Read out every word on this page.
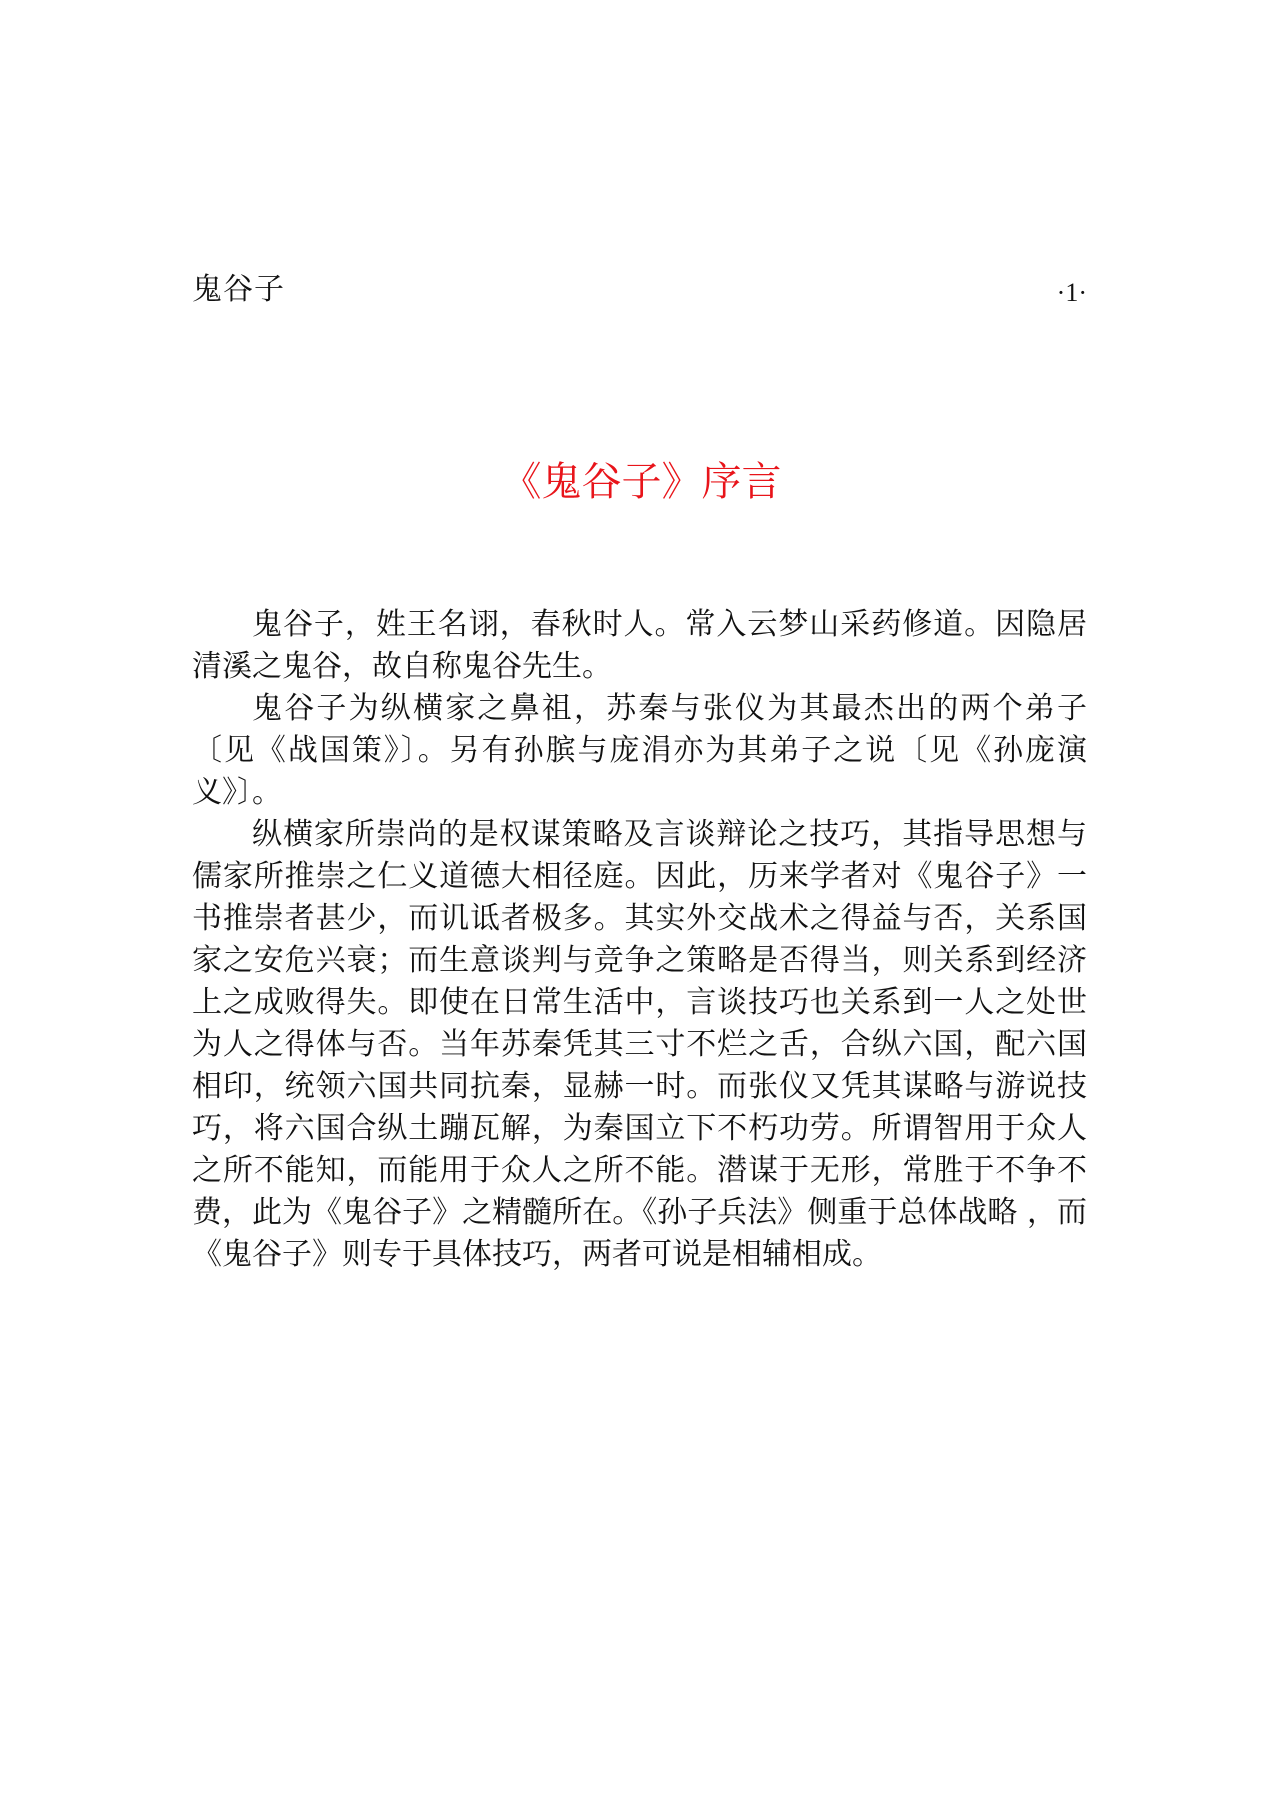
鬼谷子	·1·
《鬼谷子》序言

鬼谷子，姓王名诩，春秋时人。常入云梦山采药修道。因隐居清溪之鬼谷，故自称鬼谷先生。

鬼谷子为纵横家之鼻祖，苏秦与张仪为其最杰出的两个弟子〔见《战国策》〕。另有孙膑与庞涓亦为其弟子之说〔见《孙庞演义》〕。

纵横家所崇尚的是权谋策略及言谈辩论之技巧，其指导思想与儒家所推崇之仁义道德大相径庭。因此，历来学者对《鬼谷子》一书推崇者甚少，而讥诋者极多。其实外交战术之得益与否，关系国家之安危兴衰；而生意谈判与竞争之策略是否得当，则关系到经济上之成败得失。即使在日常生活中，言谈技巧也关系到一人之处世为人之得体与否。当年苏秦凭其三寸不烂之舌，合纵六国，配六国相印，统领六国共同抗秦，显赫一时。而张仪又凭其谋略与游说技巧，将六国合纵土蹦瓦解，为秦国立下不朽功劳。所谓智用于众人之所不能知，而能用于众人之所不能。潜谋于无形，常胜于不争不费，此为《鬼谷子》之精髓所在。《孙子兵法》侧重于总体战略 ，而《鬼谷子》则专于具体技巧，两者可说是相辅相成。
